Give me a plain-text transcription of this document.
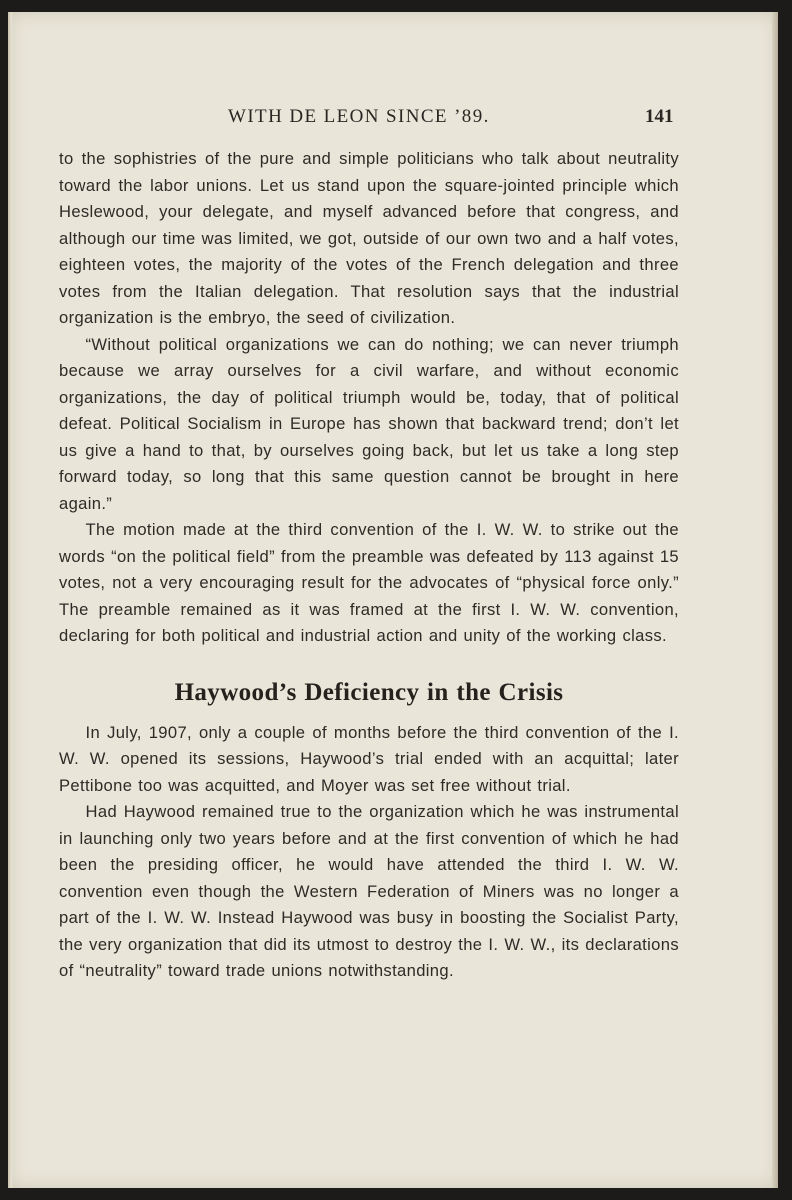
WITH DE LEON SINCE ’89.	141

to the sophistries of the pure and simple politicians who talk about neutrality toward the labor unions. Let us stand upon the square-jointed principle which Heslewood, your delegate, and myself advanced before that congress, and although our time was limited, we got, outside of our own two and a half votes, eighteen votes, the majority of the votes of the French delegation and three votes from the Italian delegation. That resolution says that the industrial organization is the embryo, the seed of civilization.

“Without political organizations we can do nothing; we can never triumph because we array ourselves for a civil warfare, and without economic organizations, the day of political triumph would be, today, that of political defeat. Political Socialism in Europe has shown that backward trend; don’t let us give a hand to that, by ourselves going back, but let us take a long step forward today, so long that this same question cannot be brought in here again.”

The motion made at the third convention of the I. W. W. to strike out the words “on the political field” from the preamble was defeated by 113 against 15 votes, not a very encouraging result for the advocates of “physical force only.” The preamble remained as it was framed at the first I. W. W. convention, declaring for both political and industrial action and unity of the working class.

Haywood’s Deficiency in the Crisis

In July, 1907, only a couple of months before the third convention of the I. W. W. opened its sessions, Haywood’s trial ended with an acquittal; later Pettibone too was acquitted, and Moyer was set free without trial.

Had Haywood remained true to the organization which he was instrumental in launching only two years before and at the first convention of which he had been the presiding officer, he would have attended the third I. W. W. convention even though the Western Federation of Miners was no longer a part of the I. W. W. Instead Haywood was busy in boosting the Socialist Party, the very organization that did its utmost to destroy the I. W. W., its declarations of “neutrality” toward trade unions notwithstanding.
